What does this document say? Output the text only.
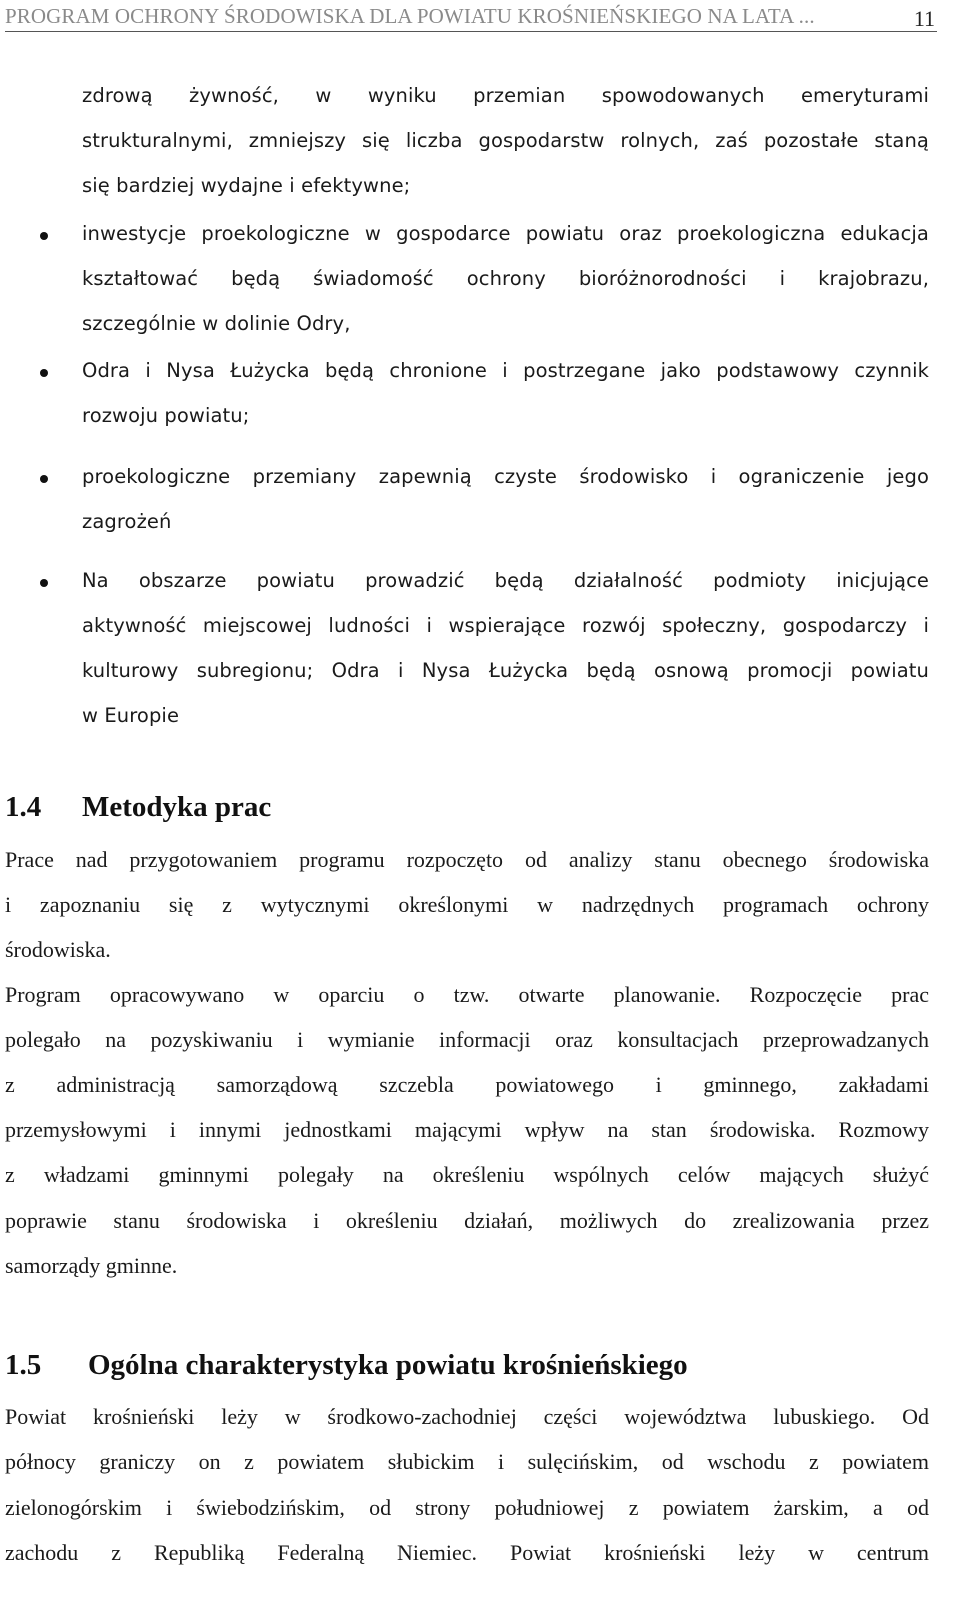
PROGRAM OCHRONY ŚRODOWISKA DLA POWIATU KROŚNIEŃSKIEGO NA LATA ...	11
zdrową żywność, w wyniku przemian spowodowanych emeryturami
strukturalnymi, zmniejszy się liczba gospodarstw rolnych, zaś pozostałe staną
się bardziej wydajne i efektywne;
inwestycje proekologiczne w gospodarce powiatu oraz proekologiczna edukacja
kształtować będą świadomość ochrony bioróżnorodności i krajobrazu,
szczególnie w dolinie Odry,
Odra i Nysa Łużycka będą chronione i postrzegane jako podstawowy czynnik
rozwoju powiatu;
proekologiczne przemiany zapewnią czyste środowisko i ograniczenie jego
zagrożeń
Na obszarze powiatu prowadzić będą działalność podmioty inicjujące
aktywność miejscowej ludności i wspierające rozwój społeczny, gospodarczy i
kulturowy subregionu; Odra i Nysa Łużycka będą osnową promocji powiatu
w Europie
1.4 Metodyka prac
Prace nad przygotowaniem programu rozpoczęto od analizy stanu obecnego środowiska
i zapoznaniu się z wytycznymi określonymi w nadrzędnych programach ochrony
środowiska.
Program opracowywano w oparciu o tzw. otwarte planowanie. Rozpoczęcie prac
polegało na pozyskiwaniu i wymianie informacji oraz konsultacjach przeprowadzanych
z administracją samorządową szczebla powiatowego i gminnego, zakładami
przemysłowymi i innymi jednostkami mającymi wpływ na stan środowiska. Rozmowy
z władzami gminnymi polegały na określeniu wspólnych celów mających służyć
poprawie stanu środowiska i określeniu działań, możliwych do zrealizowania przez
samorządy gminne.
1.5 Ogólna charakterystyka powiatu krośnieńskiego
Powiat krośnieński leży w środkowo-zachodniej części województwa lubuskiego. Od
północy graniczy on z powiatem słubickim i sulęcińskim, od wschodu z powiatem
zielonogórskim i świebodzińskim, od strony południowej z powiatem żarskim, a od
zachodu z Republiką Federalną Niemiec. Powiat krośnieński leży w centrum
